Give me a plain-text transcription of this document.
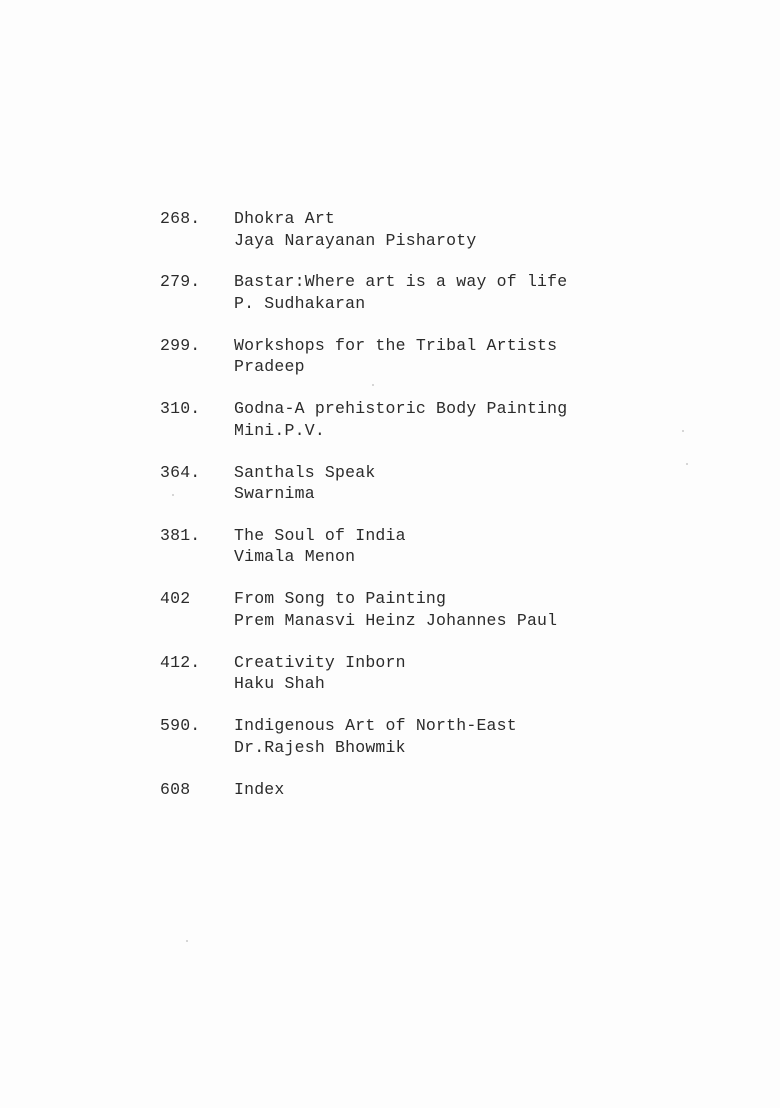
268.	Dhokra Art
Jaya Narayanan Pisharoty
279.	Bastar:Where art is a way of life
P. Sudhakaran
299.	Workshops for the Tribal Artists
Pradeep
310.	Godna-A prehistoric Body Painting
Mini.P.V.
364.	Santhals Speak
Swarnima
381.	The Soul of India
Vimala Menon
402	From Song to Painting
Prem Manasvi Heinz Johannes Paul
412.	Creativity Inborn
Haku Shah
590.	Indigenous Art of North-East
Dr.Rajesh Bhowmik
608	Index
